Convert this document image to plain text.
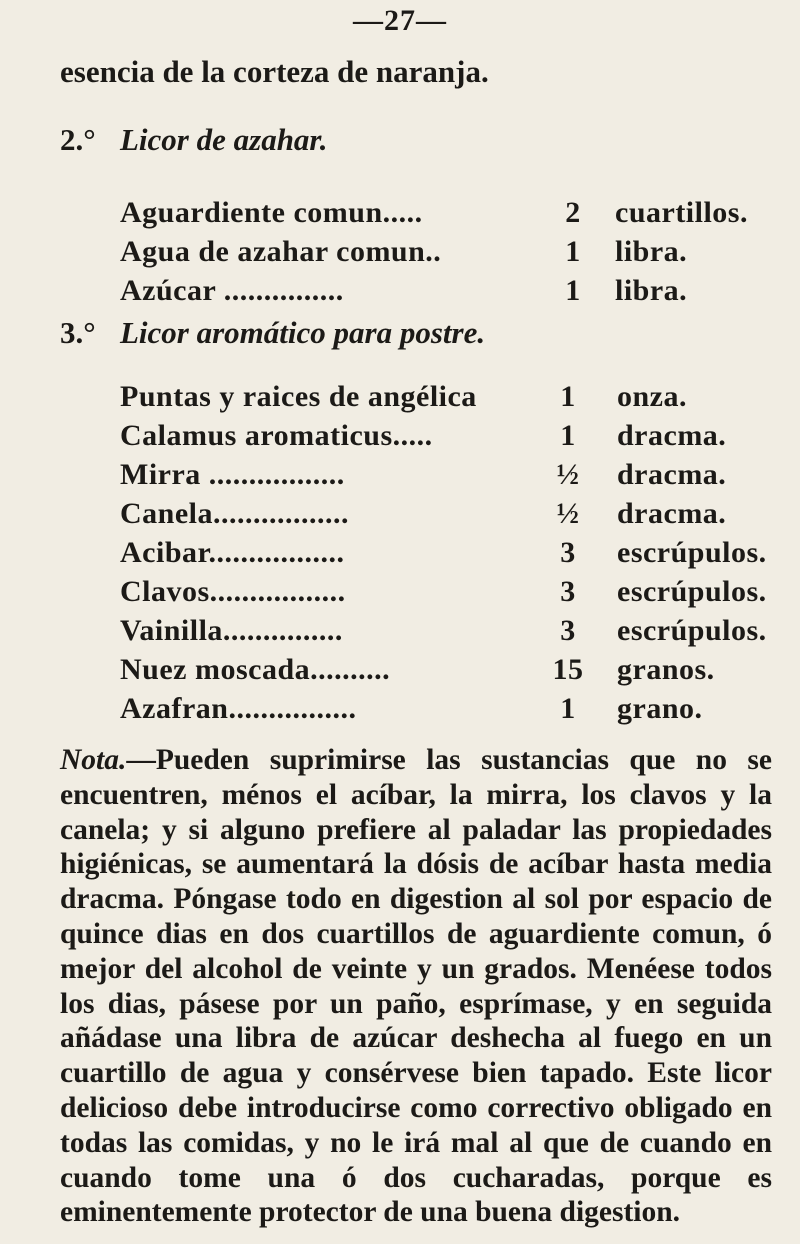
—27—
esencia de la corteza de naranja.
2.° Licor de azahar.
Aguardiente comun.....	2	cuartillos.
Agua de azahar comun..	1	libra.
Azúcar ...............	1	libra.
3.° Licor aromático para postre.
Puntas y raices de angélica	1	onza.
Calamus aromaticus.....	1	dracma.
Mirra .................	½ dracma.
Canela.................	½ dracma.
Acibar.................	3	escrúpulos.
Clavos.................	3	escrúpulos.
Vainilla...............	3	escrúpulos.
Nuez moscada..........	15 granos.
Azafran................	1	grano.

Nota.—Pueden suprimirse las sustancias que no se encuentren, ménos el acíbar, la mirra, los clavos y la canela; y si alguno prefiere al paladar las propiedades higiénicas, se aumentará la dósis de acíbar hasta media dracma. Póngase todo en digestion al sol por espacio de quince dias en dos cuartillos de aguardiente comun, ó mejor del alcohol de veinte y un grados. Menéese todos los dias, pásese por un paño, esprímase, y en seguida añádase una libra de azúcar deshecha al fuego en un cuartillo de agua y consérvese bien tapado. Este licor delicioso debe introducirse como correctivo obligado en todas las comidas, y no le irá mal al que de cuando en cuando tome una ó dos cucharadas, porque es eminentemente protector de una buena digestion.
